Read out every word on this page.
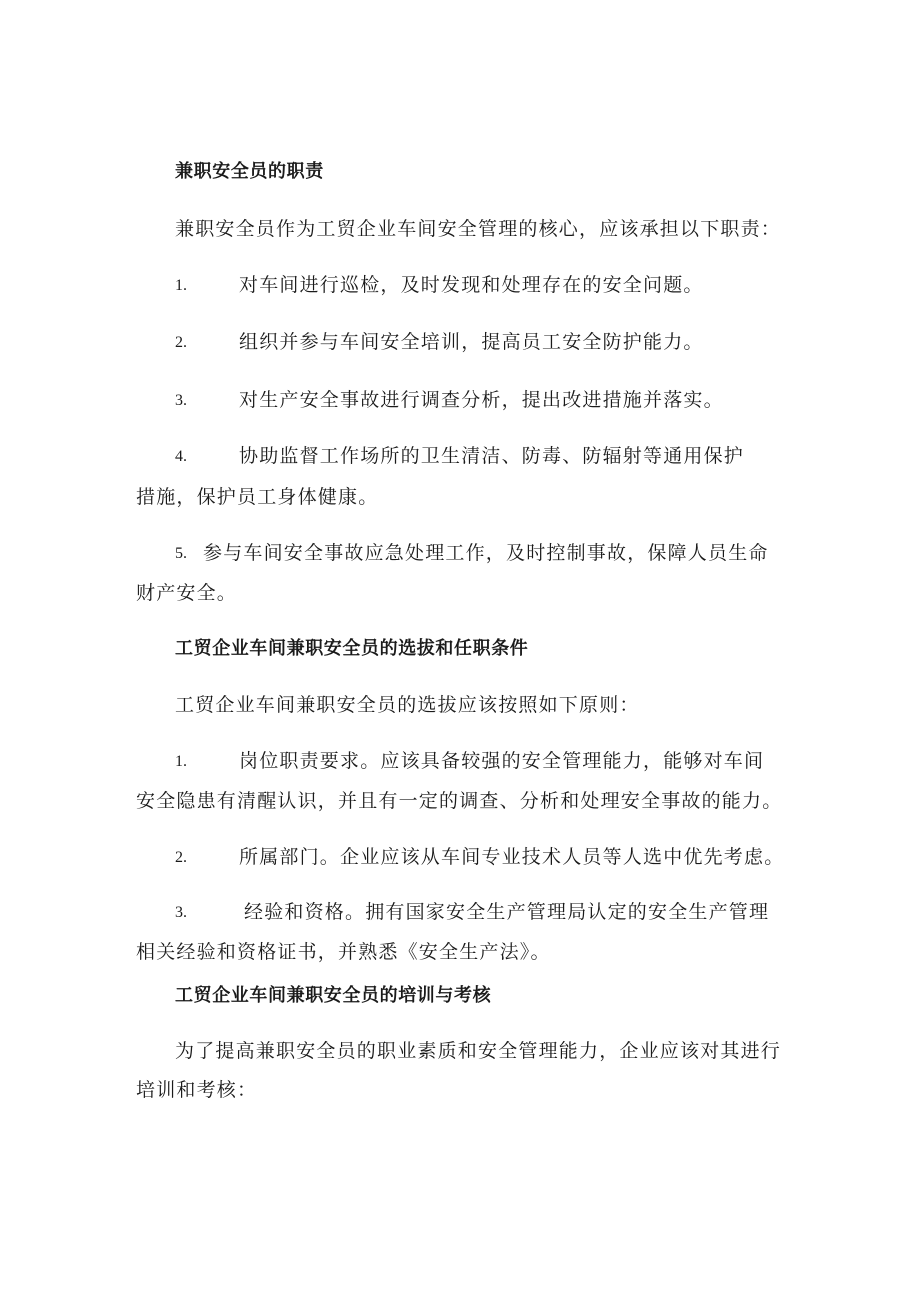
兼职安全员的职责
兼职安全员作为工贸企业车间安全管理的核心，应该承担以下职责：
1.	对车间进行巡检，及时发现和处理存在的安全问题。
2.	组织并参与车间安全培训，提高员工安全防护能力。
3.	对生产安全事故进行调查分析，提出改进措施并落实。
4.	协助监督工作场所的卫生清洁、防毒、防辐射等通用保护
措施，保护员工身体健康。
5. 参与车间安全事故应急处理工作，及时控制事故，保障人员生命
财产安全。
工贸企业车间兼职安全员的选拔和任职条件
工贸企业车间兼职安全员的选拔应该按照如下原则：
1.	岗位职责要求。应该具备较强的安全管理能力，能够对车间
安全隐患有清醒认识，并且有一定的调查、分析和处理安全事故的能力。
2.	所属部门。企业应该从车间专业技术人员等人选中优先考虑。
3.	经验和资格。拥有国家安全生产管理局认定的安全生产管理
相关经验和资格证书，并熟悉《安全生产法》。
工贸企业车间兼职安全员的培训与考核
为了提高兼职安全员的职业素质和安全管理能力，企业应该对其进行
培训和考核：
